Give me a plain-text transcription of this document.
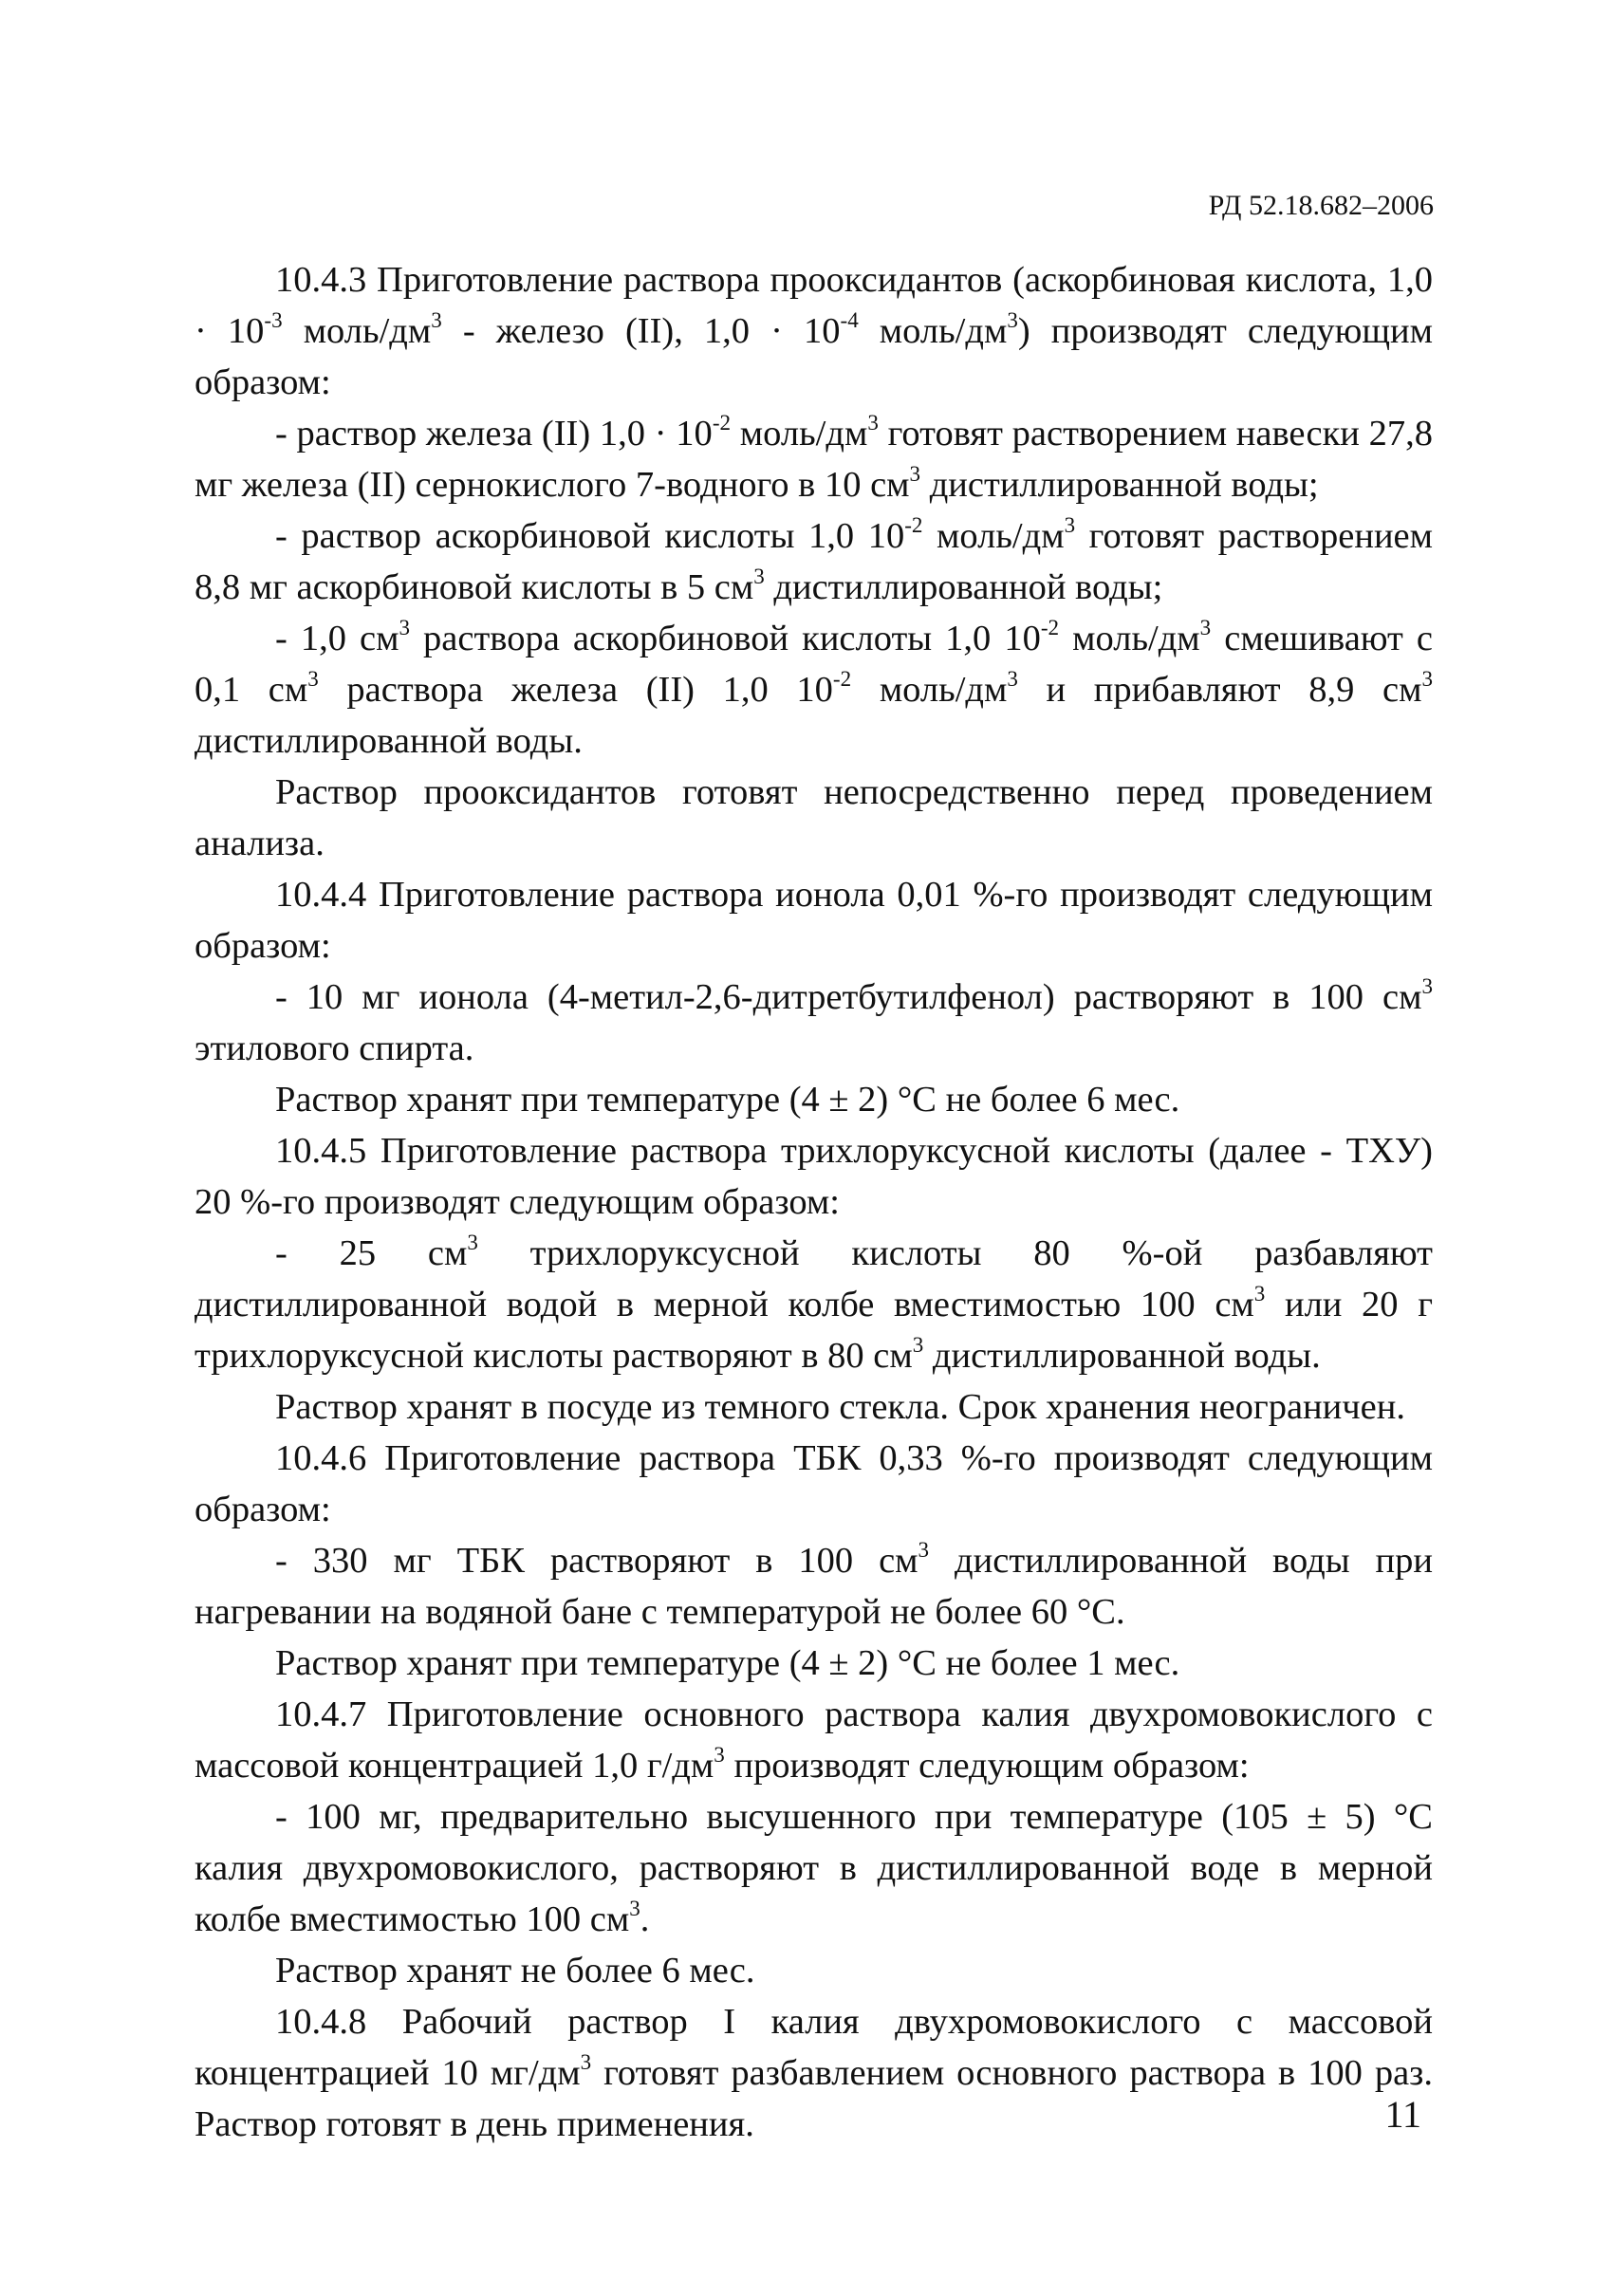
РД 52.18.682–2006

10.4.3 Приготовление раствора прооксидантов (аскорбиновая кислота, $1,0 \cdot 10^{-3}$ моль/$дм^3$ - железо (II), $1,0 \cdot 10^{-4}$ моль/$дм^3$) производят следующим образом:

- раствор железа (II) $1,0 \cdot 10^{-2}$ моль/$дм^3$ готовят растворением навески 27,8 мг железа (II) сернокислого 7-водного в 10 $см^3$ дистиллированной воды;

- раствор аскорбиновой кислоты 1,0 $10^{-2}$ моль/$дм^3$ готовят растворением 8,8 мг аскорбиновой кислоты в 5 $см^3$ дистиллированной воды;

- 1,0 $см^3$ раствора аскорбиновой кислоты 1,0 $10^{-2}$ моль/$дм^3$ смешивают с 0,1 $см^3$ раствора железа (II) 1,0 $10^{-2}$ моль/$дм^3$ и прибавляют 8,9 $см^3$ дистиллированной воды.

Раствор прооксидантов готовят непосредственно перед проведением анализа.

10.4.4 Приготовление раствора ионола 0,01 %-го производят следующим образом:

- 10 мг ионола (4-метил-2,6-дитретбутилфенол) растворяют в 100 $см^3$ этилового спирта.

Раствор хранят при температуре (4 ± 2) °С не более 6 мес.

10.4.5 Приготовление раствора трихлоруксусной кислоты (далее - ТХУ) 20 %-го производят следующим образом:

- 25 $см^3$ трихлоруксусной кислоты 80 %-ой разбавляют дистиллированной водой в мерной колбе вместимостью 100 $см^3$ или 20 г трихлоруксусной кислоты растворяют в 80 $см^3$ дистиллированной воды.

Раствор хранят в посуде из темного стекла. Срок хранения неограничен.

10.4.6 Приготовление раствора ТБК 0,33 %-го производят следующим образом:

- 330 мг ТБК растворяют в 100 $см^3$ дистиллированной воды при нагревании на водяной бане с температурой не более 60 °С.

Раствор хранят при температуре (4 ± 2) °С не более 1 мес.

10.4.7 Приготовление основного раствора калия двухромовокислого с массовой концентрацией 1,0 $г/дм^3$ производят следующим образом:

- 100 мг, предварительно высушенного при температуре (105 ± 5) °С калия двухромовокислого, растворяют в дистиллированной воде в мерной колбе вместимостью 100 $см^3$.

Раствор хранят не более 6 мес.

10.4.8 Рабочий раствор I калия двухромовокислого с массовой концентрацией 10 $мг/дм^3$ готовят разбавлением основного раствора в 100 раз. Раствор готовят в день применения.	11
